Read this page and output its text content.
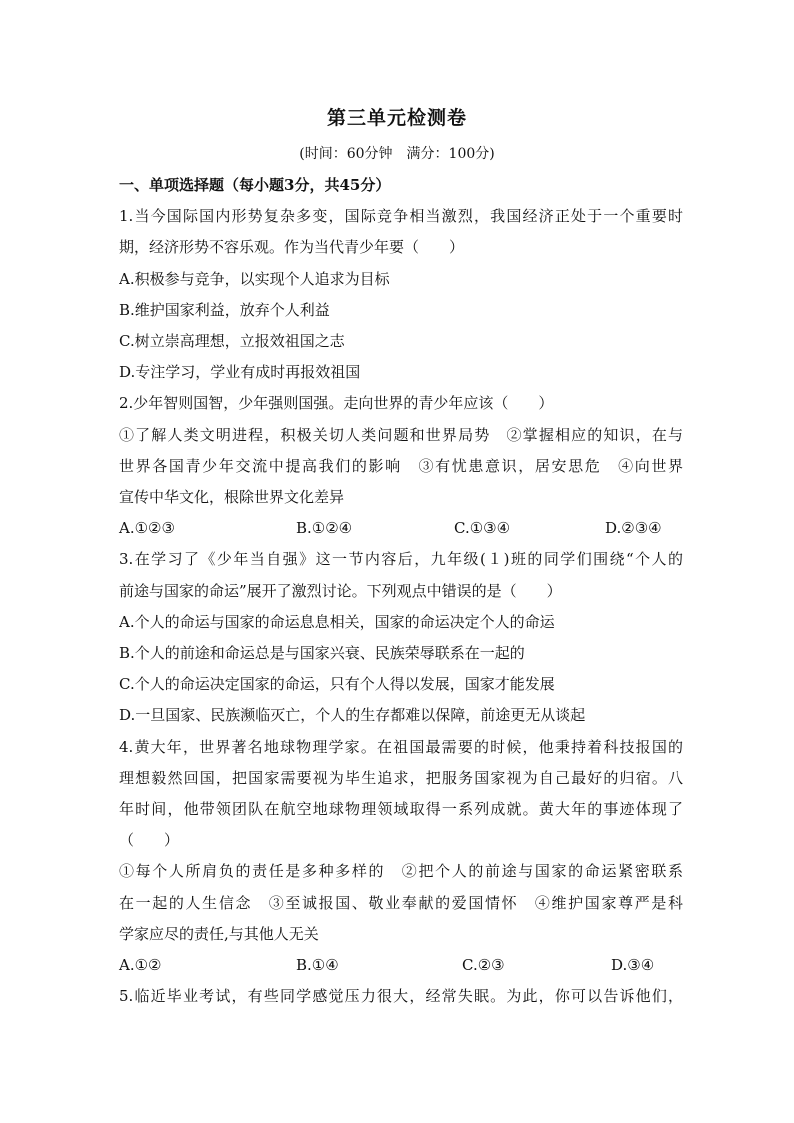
第三单元检测卷
(时间：60分钟　满分：100分)
一、单项选择题（每小题3分，共45分）
1.当今国际国内形势复杂多变，国际竞争相当激烈，我国经济正处于一个重要时
期，经济形势不容乐观。作为当代青少年要（　　）
A.积极参与竞争，以实现个人追求为目标
B.维护国家利益，放弃个人利益
C.树立崇高理想，立报效祖国之志
D.专注学习，学业有成时再报效祖国
2.少年智则国智，少年强则国强。走向世界的青少年应该（　　）
①了解人类文明进程，积极关切人类问题和世界局势　②掌握相应的知识，在与
世界各国青少年交流中提高我们的影响　③有忧患意识，居安思危　④向世界
宣传中华文化，根除世界文化差异
A.①②③	B.①②④	C.①③④	D.②③④
3.在学习了《少年当自强》这一节内容后，九年级(１)班的同学们围绕“个人的
前途与国家的命运”展开了激烈讨论。下列观点中错误的是（　　）
A.个人的命运与国家的命运息息相关，国家的命运决定个人的命运
B.个人的前途和命运总是与国家兴衰、民族荣辱联系在一起的
C.个人的命运决定国家的命运，只有个人得以发展，国家才能发展
D.一旦国家、民族濒临灭亡，个人的生存都难以保障，前途更无从谈起
4.黄大年，世界著名地球物理学家。在祖国最需要的时候，他秉持着科技报国的
理想毅然回国，把国家需要视为毕生追求，把服务国家视为自己最好的归宿。八
年时间，他带领团队在航空地球物理领域取得一系列成就。黄大年的事迹体现了
（　　）
①每个人所肩负的责任是多种多样的　②把个人的前途与国家的命运紧密联系
在一起的人生信念　③至诚报国、敬业奉献的爱国情怀　④维护国家尊严是科
学家应尽的责任,与其他人无关
A.①②	B.①④	C.②③	D.③④
5.临近毕业考试，有些同学感觉压力很大，经常失眠。为此，你可以告诉他们，
